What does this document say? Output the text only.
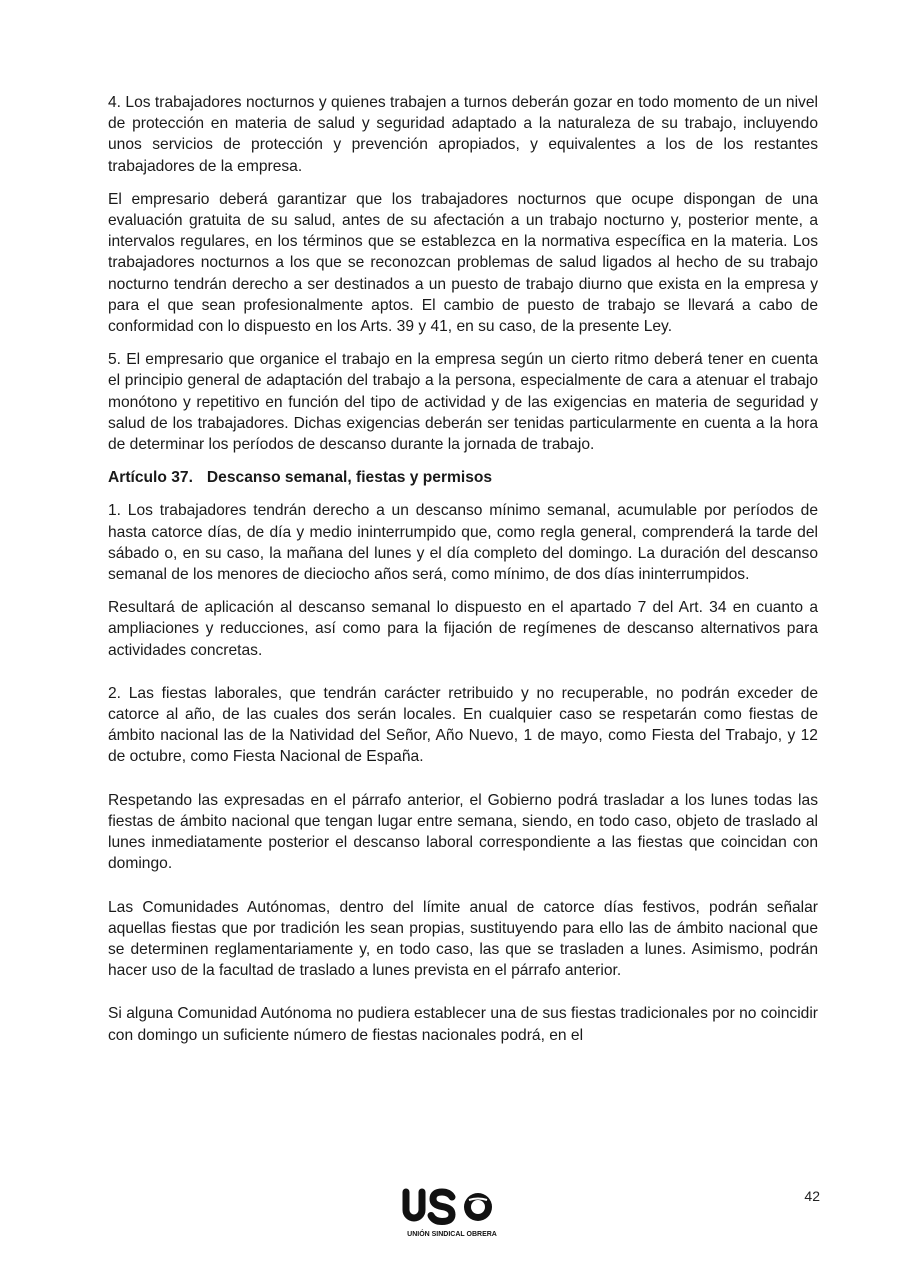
4. Los trabajadores nocturnos y quienes trabajen a turnos deberán gozar en todo momento de un nivel de protección en materia de salud y seguridad adaptado a la naturaleza de su trabajo, incluyendo unos servicios de protección y prevención apropiados, y equivalentes a los de los restantes trabajadores de la empresa.

El empresario deberá garantizar que los trabajadores nocturnos que ocupe dispongan de una evaluación gratuita de su salud, antes de su afectación a un trabajo nocturno y, posterior mente, a intervalos regulares, en los términos que se establezca en la normativa específica en la materia. Los trabajadores nocturnos a los que se reconozcan problemas de salud ligados al hecho de su trabajo nocturno tendrán derecho a ser destinados a un puesto de trabajo diurno que exista en la empresa y para el que sean profesionalmente aptos. El cambio de puesto de trabajo se llevará a cabo de conformidad con lo dispuesto en los Arts. 39 y 41, en su caso, de la presente Ley.

5. El empresario que organice el trabajo en la empresa según un cierto ritmo deberá tener en cuenta el principio general de adaptación del trabajo a la persona, especialmente de cara a atenuar el trabajo monótono y repetitivo en función del tipo de actividad y de las exigencias en materia de seguridad y salud de los trabajadores. Dichas exigencias deberán ser tenidas particularmente en cuenta a la hora de determinar los períodos de descanso durante la jornada de trabajo.

Artículo 37. Descanso semanal, fiestas y permisos

1. Los trabajadores tendrán derecho a un descanso mínimo semanal, acumulable por períodos de hasta catorce días, de día y medio ininterrumpido que, como regla general, comprenderá la tarde del sábado o, en su caso, la mañana del lunes y el día completo del domingo. La duración del descanso semanal de los menores de dieciocho años será, como mínimo, de dos días ininterrumpidos.

Resultará de aplicación al descanso semanal lo dispuesto en el apartado 7 del Art. 34 en cuanto a ampliaciones y reducciones, así como para la fijación de regímenes de descanso alternativos para actividades concretas.

2. Las fiestas laborales, que tendrán carácter retribuido y no recuperable, no podrán exceder de catorce al año, de las cuales dos serán locales. En cualquier caso se respetarán como fiestas de ámbito nacional las de la Natividad del Señor, Año Nuevo, 1 de mayo, como Fiesta del Trabajo, y 12 de octubre, como Fiesta Nacional de España.

Respetando las expresadas en el párrafo anterior, el Gobierno podrá trasladar a los lunes todas las fiestas de ámbito nacional que tengan lugar entre semana, siendo, en todo caso, objeto de traslado al lunes inmediatamente posterior el descanso laboral correspondiente a las fiestas que coincidan con domingo.

Las Comunidades Autónomas, dentro del límite anual de catorce días festivos, podrán señalar aquellas fiestas que por tradición les sean propias, sustituyendo para ello las de ámbito nacional que se determinen reglamentariamente y, en todo caso, las que se trasladen a lunes. Asimismo, podrán hacer uso de la facultad de traslado a lunes prevista en el párrafo anterior.

Si alguna Comunidad Autónoma no pudiera establecer una de sus fiestas tradicionales por no coincidir con domingo un suficiente número de fiestas nacionales podrá, en el

42
UNIÓN SINDICAL OBRERA
